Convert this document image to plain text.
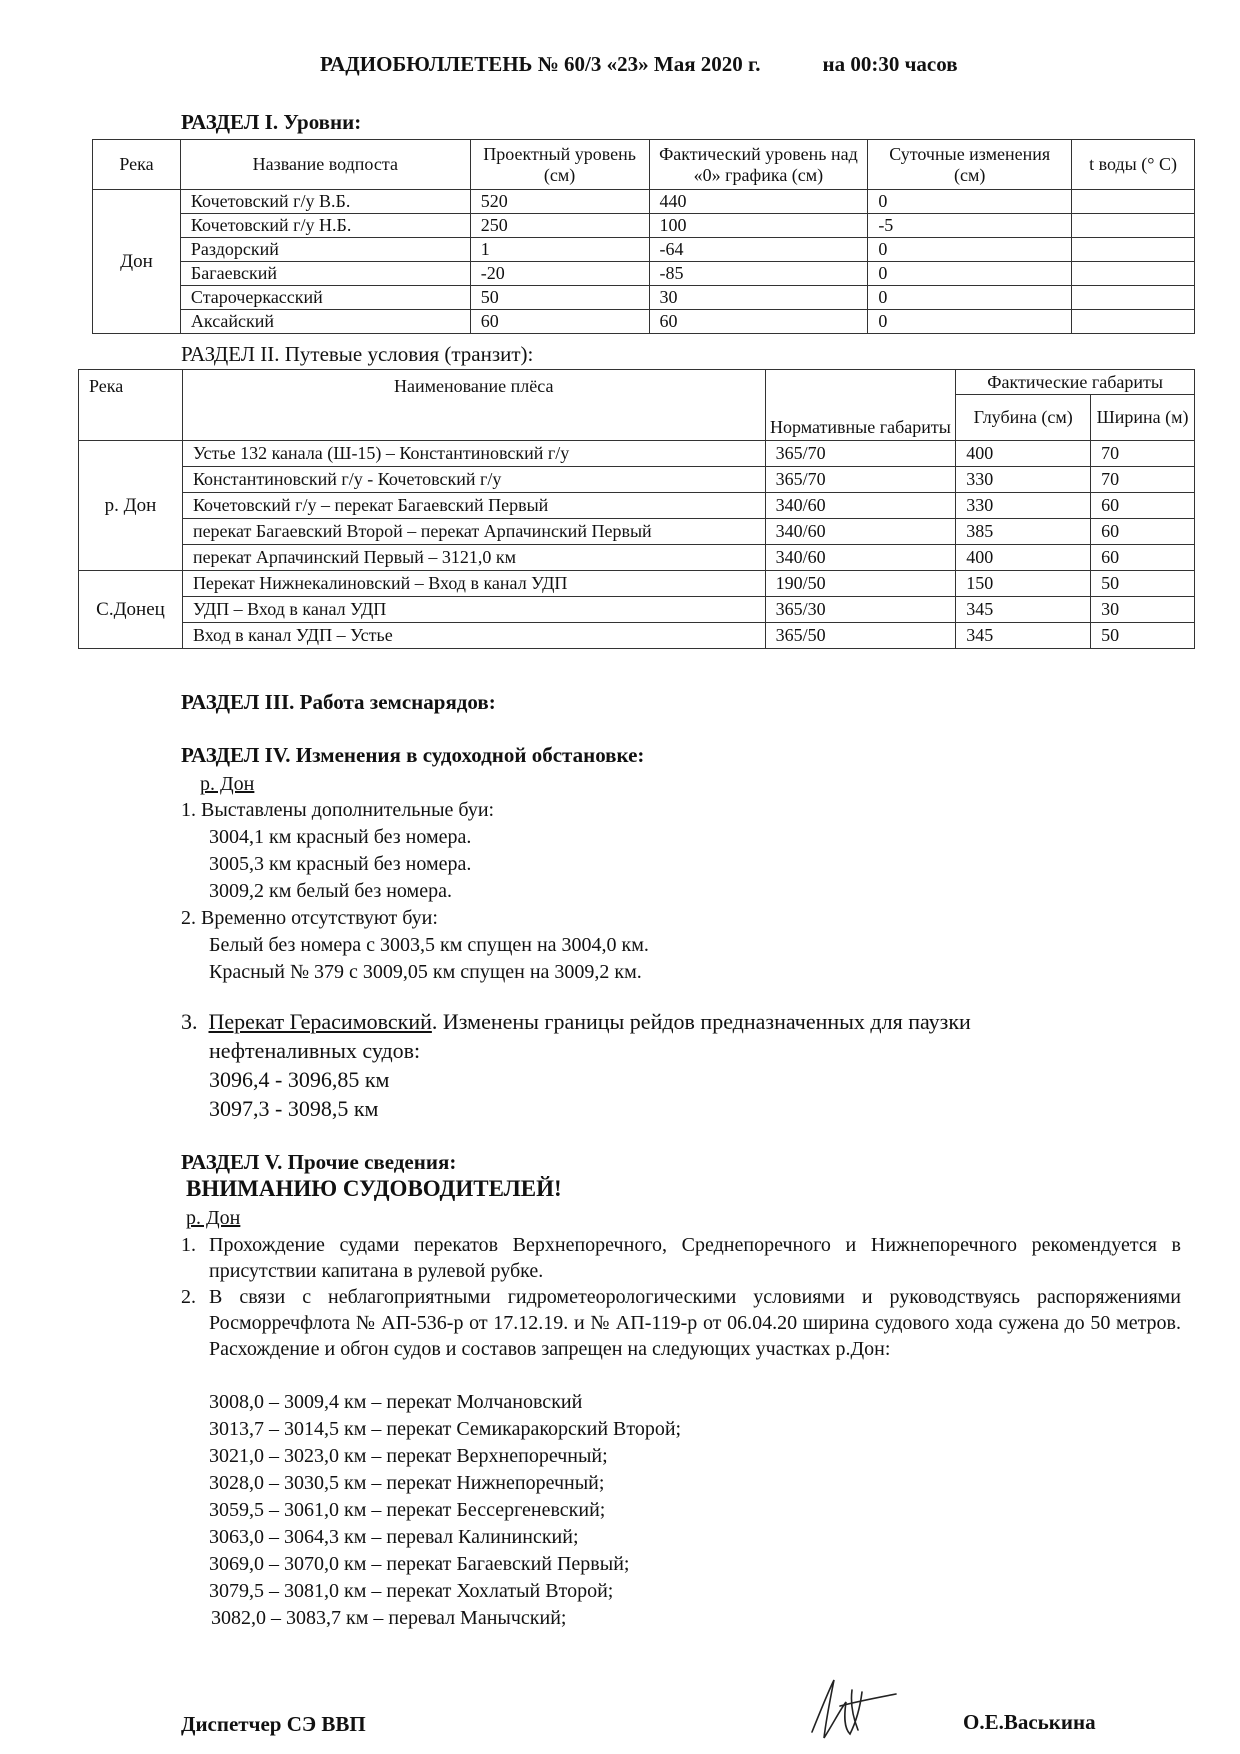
РАДИОБЮЛЛЕТЕНЬ № 60/3 «23» Мая 2020 г.	на 00:30 часов
РАЗДЕЛ I. Уровни:
Река	Название водпоста	Проектный уровень (см)	Фактический уровень над «0» графика (см)	Суточные изменения (см)	t воды (° С)
Дон	Кочетовский г/у В.Б.	520	440	0	
	Кочетовский г/у Н.Б.	250	100	-5	
	Раздорский	1	-64	0	
	Багаевский	-20	-85	0	
	Старочеркасский	50	30	0	
	Аксайский	60	60	0	
РАЗДЕЛ II. Путевые условия (транзит):
Река	Наименование плёса	Нормативные габариты	Фактические габариты	
			Глубина (см)	Ширина (м)
р. Дон	Устье 132 канала (Ш-15) – Константиновский г/у	365/70	400	70
	Константиновский г/у - Кочетовский г/у	365/70	330	70
	Кочетовский г/у – перекат Багаевский Первый	340/60	330	60
	перекат Багаевский Второй – перекат Арпачинский Первый	340/60	385	60
	перекат Арпачинский Первый – 3121,0 км	340/60	400	60
С.Донец	Перекат Нижнекалиновский – Вход в канал УДП	190/50	150	50
	УДП – Вход в канал УДП	365/30	345	30
	Вход в канал УДП – Устье	365/50	345	50
РАЗДЕЛ III. Работа земснарядов:
РАЗДЕЛ IV. Изменения в судоходной обстановке:
р. Дон
1. Выставлены дополнительные буи:
3004,1 км красный без номера.
3005,3 км красный без номера.
3009,2 км белый без номера.
2. Временно отсутствуют буи:
Белый без номера с 3003,5 км спущен на 3004,0 км.
Красный № 379 с 3009,05 км спущен на 3009,2 км.
3. Перекат Герасимовский. Изменены границы рейдов предназначенных для паузки
нефтеналивных судов:
3096,4 - 3096,85 км
3097,3 - 3098,5 км
РАЗДЕЛ V. Прочие сведения:
ВНИМАНИЮ СУДОВОДИТЕЛЕЙ!
р. Дон
1. Прохождение судами перекатов Верхнепоречного, Среднепоречного и Нижнепоречного рекомендуется в присутствии капитана в рулевой рубке.
2. В связи с неблагоприятными гидрометеорологическими условиями и руководствуясь распоряжениями Росморречфлота № АП-536-р от 17.12.19. и № АП-119-р от 06.04.20 ширина судового хода сужена до 50 метров. Расхождение и обгон судов и составов запрещен на следующих участках р.Дон:
3008,0 – 3009,4 км – перекат Молчановский
3013,7 – 3014,5 км – перекат Семикаракорский Второй;
3021,0 – 3023,0 км – перекат Верхнепоречный;
3028,0 – 3030,5 км – перекат Нижнепоречный;
3059,5 – 3061,0 км – перекат Бессергеневский;
3063,0 – 3064,3 км – перевал Калининский;
3069,0 – 3070,0 км – перекат Багаевский Первый;
3079,5 – 3081,0 км – перекат Хохлатый Второй;
3082,0 – 3083,7 км – перевал Манычский;
Диспетчер СЭ ВВП	О.Е.Васькина
